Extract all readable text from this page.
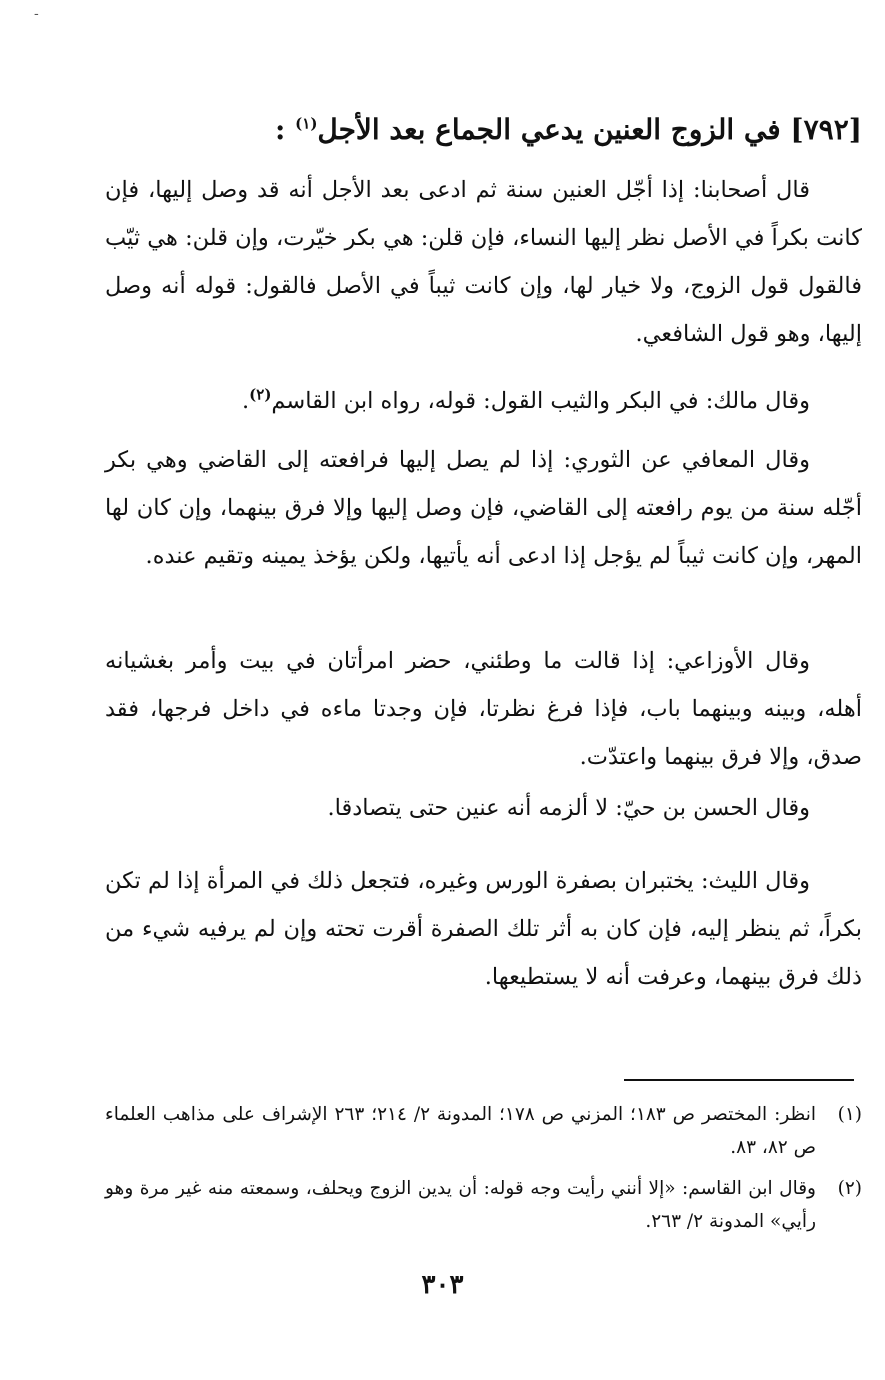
-
[٧٩٢] في الزوج العنين يدعي الجماع بعد الأجل$^{(١)}$ :

قال أصحابنا: إذا أجّل العنين سنة ثم ادعى بعد الأجل أنه قد وصل إليها، فإن كانت بكراً في الأصل نظر إليها النساء، فإن قلن: هي بكر خيّرت، وإن قلن: هي ثيّب فالقول قول الزوج، ولا خيار لها، وإن كانت ثيباً في الأصل فالقول: قوله أنه وصل إليها، وهو قول الشافعي.

وقال مالك: في البكر والثيب القول: قوله، رواه ابن القاسم$^{(٢)}$.

وقال المعافي عن الثوري: إذا لم يصل إليها فرافعته إلى القاضي وهي بكر أجّله سنة من يوم رافعته إلى القاضي، فإن وصل إليها وإلا فرق بينهما، وإن كان لها المهر، وإن كانت ثيباً لم يؤجل إذا ادعى أنه يأتيها، ولكن يؤخذ يمينه وتقيم عنده.

وقال الأوزاعي: إذا قالت ما وطئني، حضر امرأتان في بيت وأمر بغشيانه أهله، وبينه وبينهما باب، فإذا فرغ نظرتا، فإن وجدتا ماءه في داخل فرجها، فقد صدق، وإلا فرق بينهما واعتدّت.

وقال الحسن بن حيّ: لا ألزمه أنه عنين حتى يتصادقا.

وقال الليث: يختبران بصفرة الورس وغيره، فتجعل ذلك في المرأة إذا لم تكن بكراً، ثم ينظر إليه، فإن كان به أثر تلك الصفرة أقرت تحته وإن لم يرفيه شيء من ذلك فرق بينهما، وعرفت أنه لا يستطيعها.

(١)
انظر: المختصر ص ١٨٣؛ المزني ص ١٧٨؛ المدونة ٢/ ٢١٤؛ ٢٦٣ الإشراف على مذاهب العلماء ص ٨٢، ٨٣.
(٢)
وقال ابن القاسم: «إلا أنني رأيت وجه قوله: أن يدين الزوج ويحلف، وسمعته منه غير مرة وهو رأيي» المدونة ٢/ ٢٦٣.
٣٠٣
